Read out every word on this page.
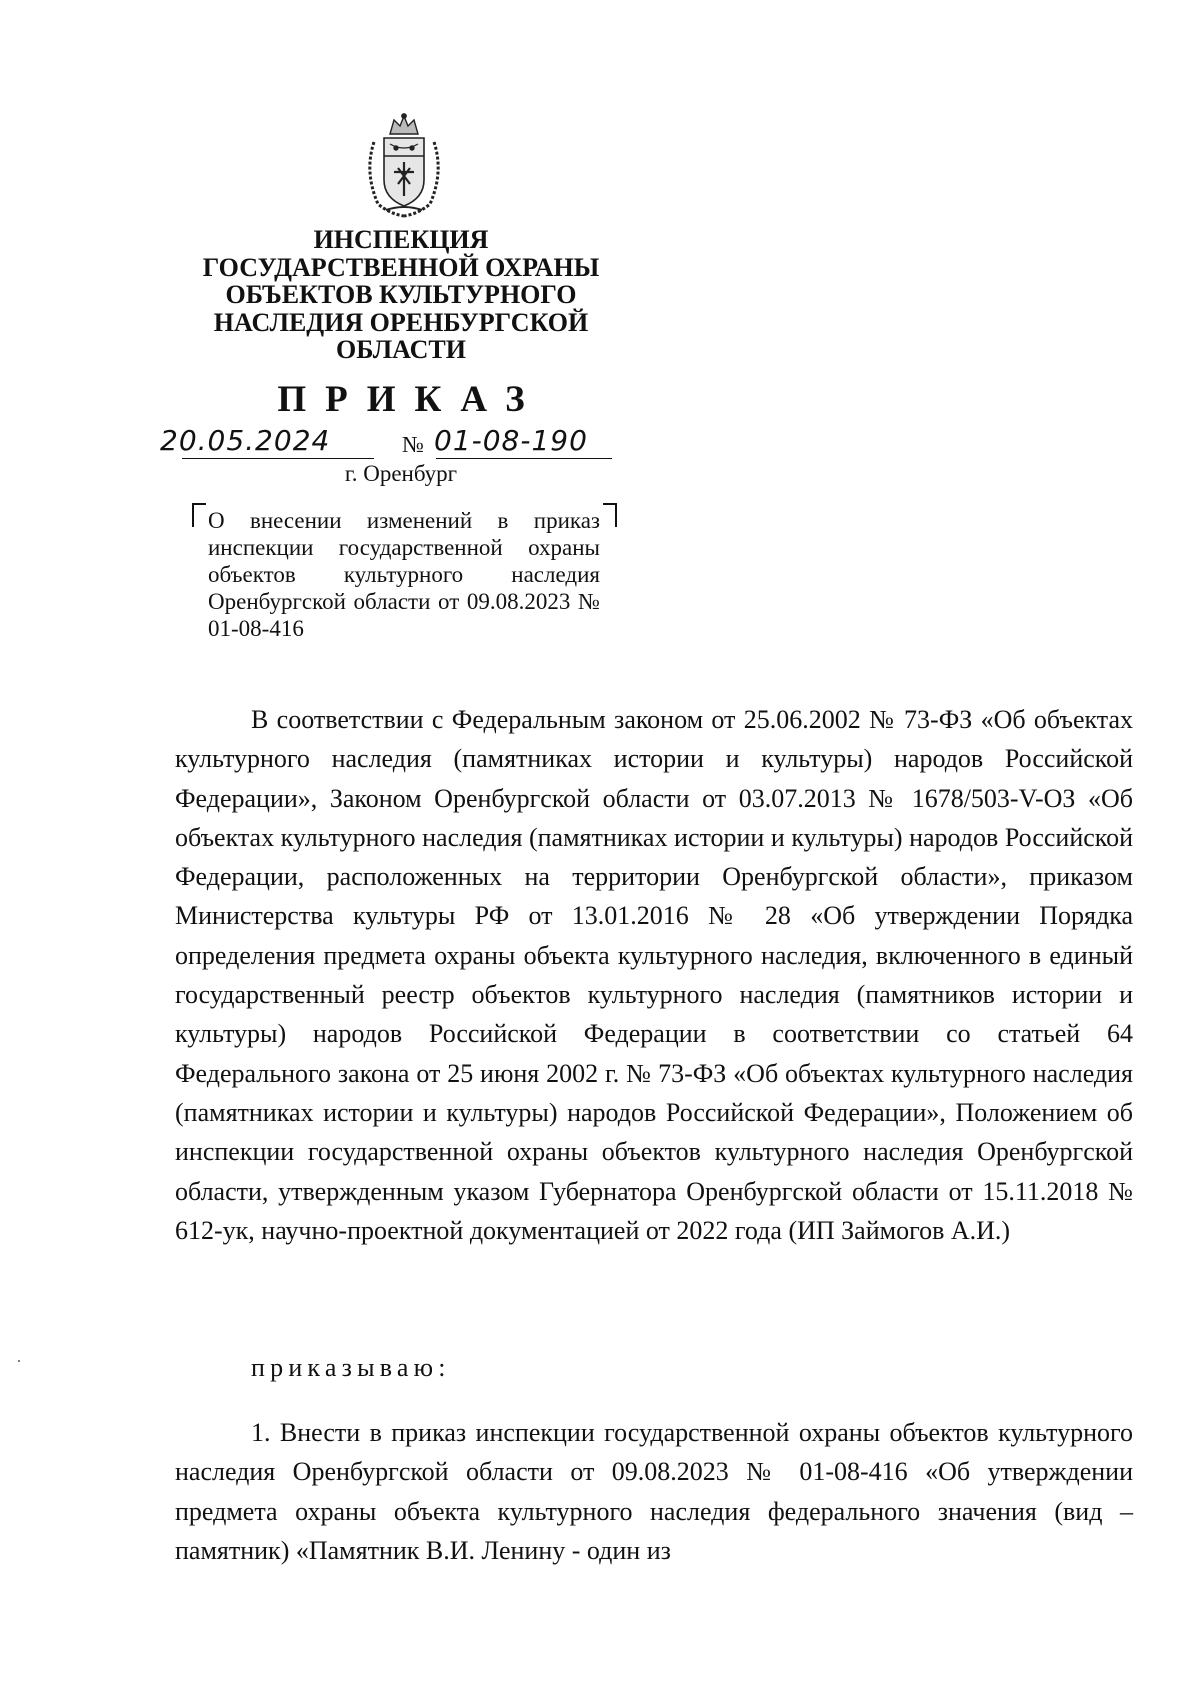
ИНСПЕКЦИЯ
ГОСУДАРСТВЕННОЙ ОХРАНЫ
ОБЪЕКТОВ КУЛЬТУРНОГО
НАСЛЕДИЯ ОРЕНБУРГСКОЙ
ОБЛАСТИ
ПРИКАЗ
20.05.2024	№ 01-08-190
г. Оренбург
О внесении изменений в приказ инспекции государственной охраны объектов культурного наследия Оренбургской области от 09.08.2023 № 01-08-416

В соответствии с Федеральным законом от 25.06.2002 № 73-ФЗ «Об объектах культурного наследия (памятниках истории и культуры) народов Российской Федерации», Законом Оренбургской области от 03.07.2013 № 1678/503-V-ОЗ «Об объектах культурного наследия (памятниках истории и культуры) народов Российской Федерации, расположенных на территории Оренбургской области», приказом Министерства культуры РФ от 13.01.2016 № 28 «Об утверждении Порядка определения предмета охраны объекта культурного наследия, включенного в единый государственный реестр объектов культурного наследия (памятников истории и культуры) народов Российской Федерации в соответствии со статьей 64 Федерального закона от 25 июня 2002 г. № 73-ФЗ «Об объектах культурного наследия (памятниках истории и культуры) народов Российской Федерации», Положением об инспекции государственной охраны объектов культурного наследия Оренбургской области, утвержденным указом Губернатора Оренбургской области от 15.11.2018 № 612-ук, научно-проектной документацией от 2022 года (ИП Займогов А.И.)

приказываю:

1. Внести в приказ инспекции государственной охраны объектов культурного наследия Оренбургской области от 09.08.2023 № 01-08-416 «Об утверждении предмета охраны объекта культурного наследия федерального значения (вид – памятник) «Памятник В.И. Ленину - один из
